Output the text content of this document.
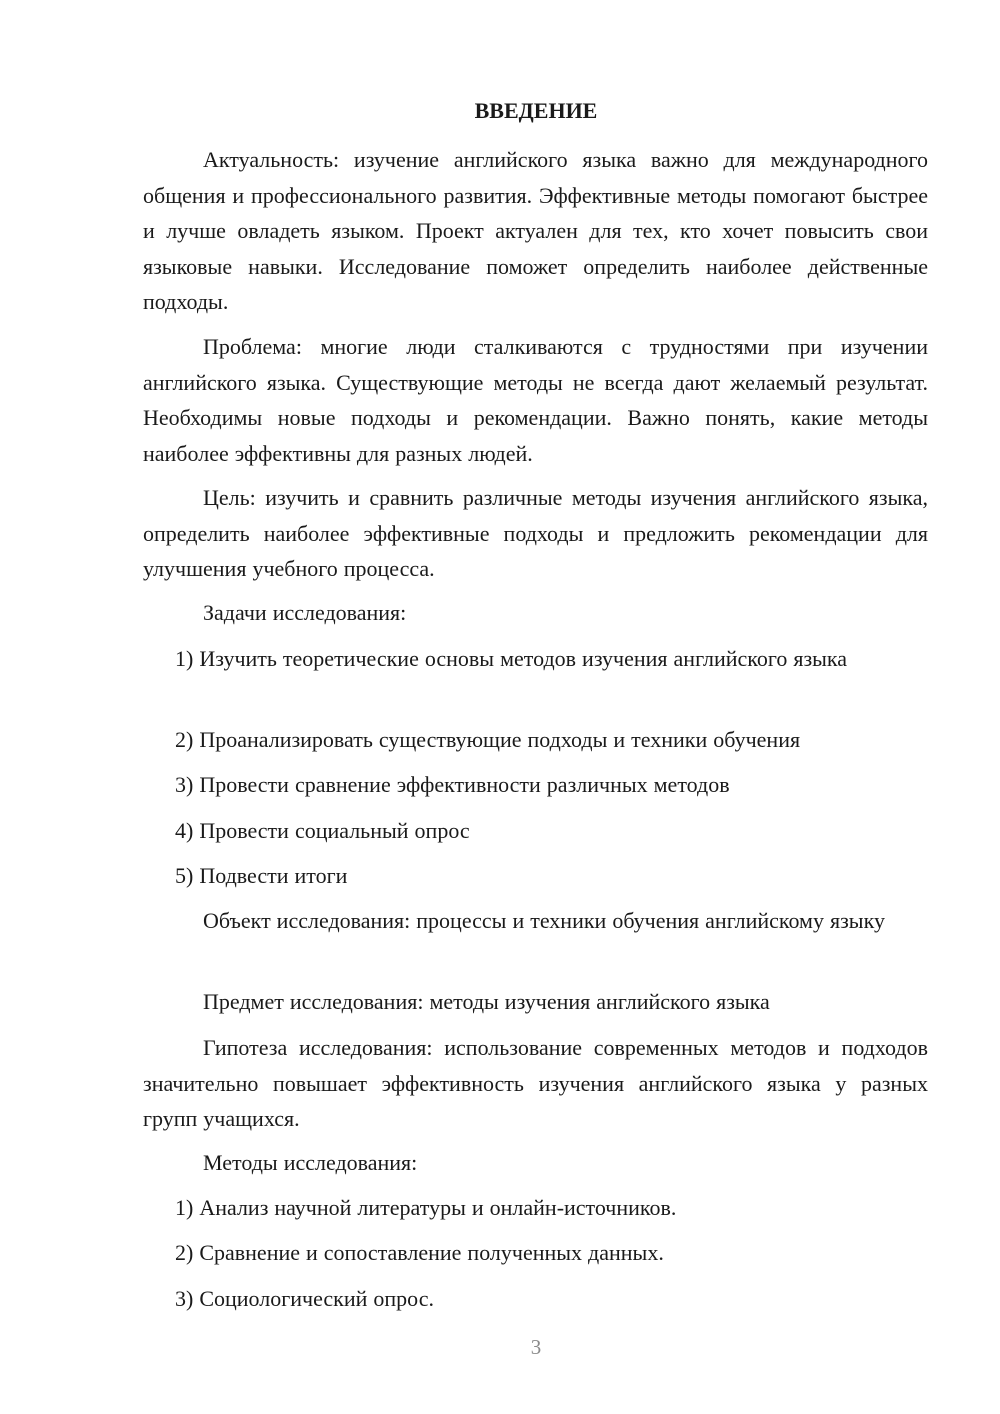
ВВЕДЕНИЕ
Актуальность: изучение английского языка важно для международного общения и профессионального развития. Эффективные методы помогают быстрее и лучше овладеть языком. Проект актуален для тех, кто хочет повысить свои языковые навыки. Исследование поможет определить наиболее действенные подходы.
Проблема: многие люди сталкиваются с трудностями при изучении английского языка. Существующие методы не всегда дают желаемый результат. Необходимы новые подходы и рекомендации. Важно понять, какие методы наиболее эффективны для разных людей.
Цель: изучить и сравнить различные методы изучения английского языка, определить наиболее эффективные подходы и предложить рекомендации для улучшения учебного процесса.
Задачи исследования:
1) Изучить теоретические основы методов изучения английского языка
2) Проанализировать существующие подходы и техники обучения
3) Провести сравнение эффективности различных методов
4) Провести социальный опрос
5) Подвести итоги
Объект исследования: процессы и техники обучения английскому языку
Предмет исследования: методы изучения английского языка
Гипотеза исследования: использование современных методов и подходов значительно повышает эффективность изучения английского языка у разных групп учащихся.
Методы исследования:
1) Анализ научной литературы и онлайн-источников.
2) Сравнение и сопоставление полученных данных.
3) Социологический опрос.
3
